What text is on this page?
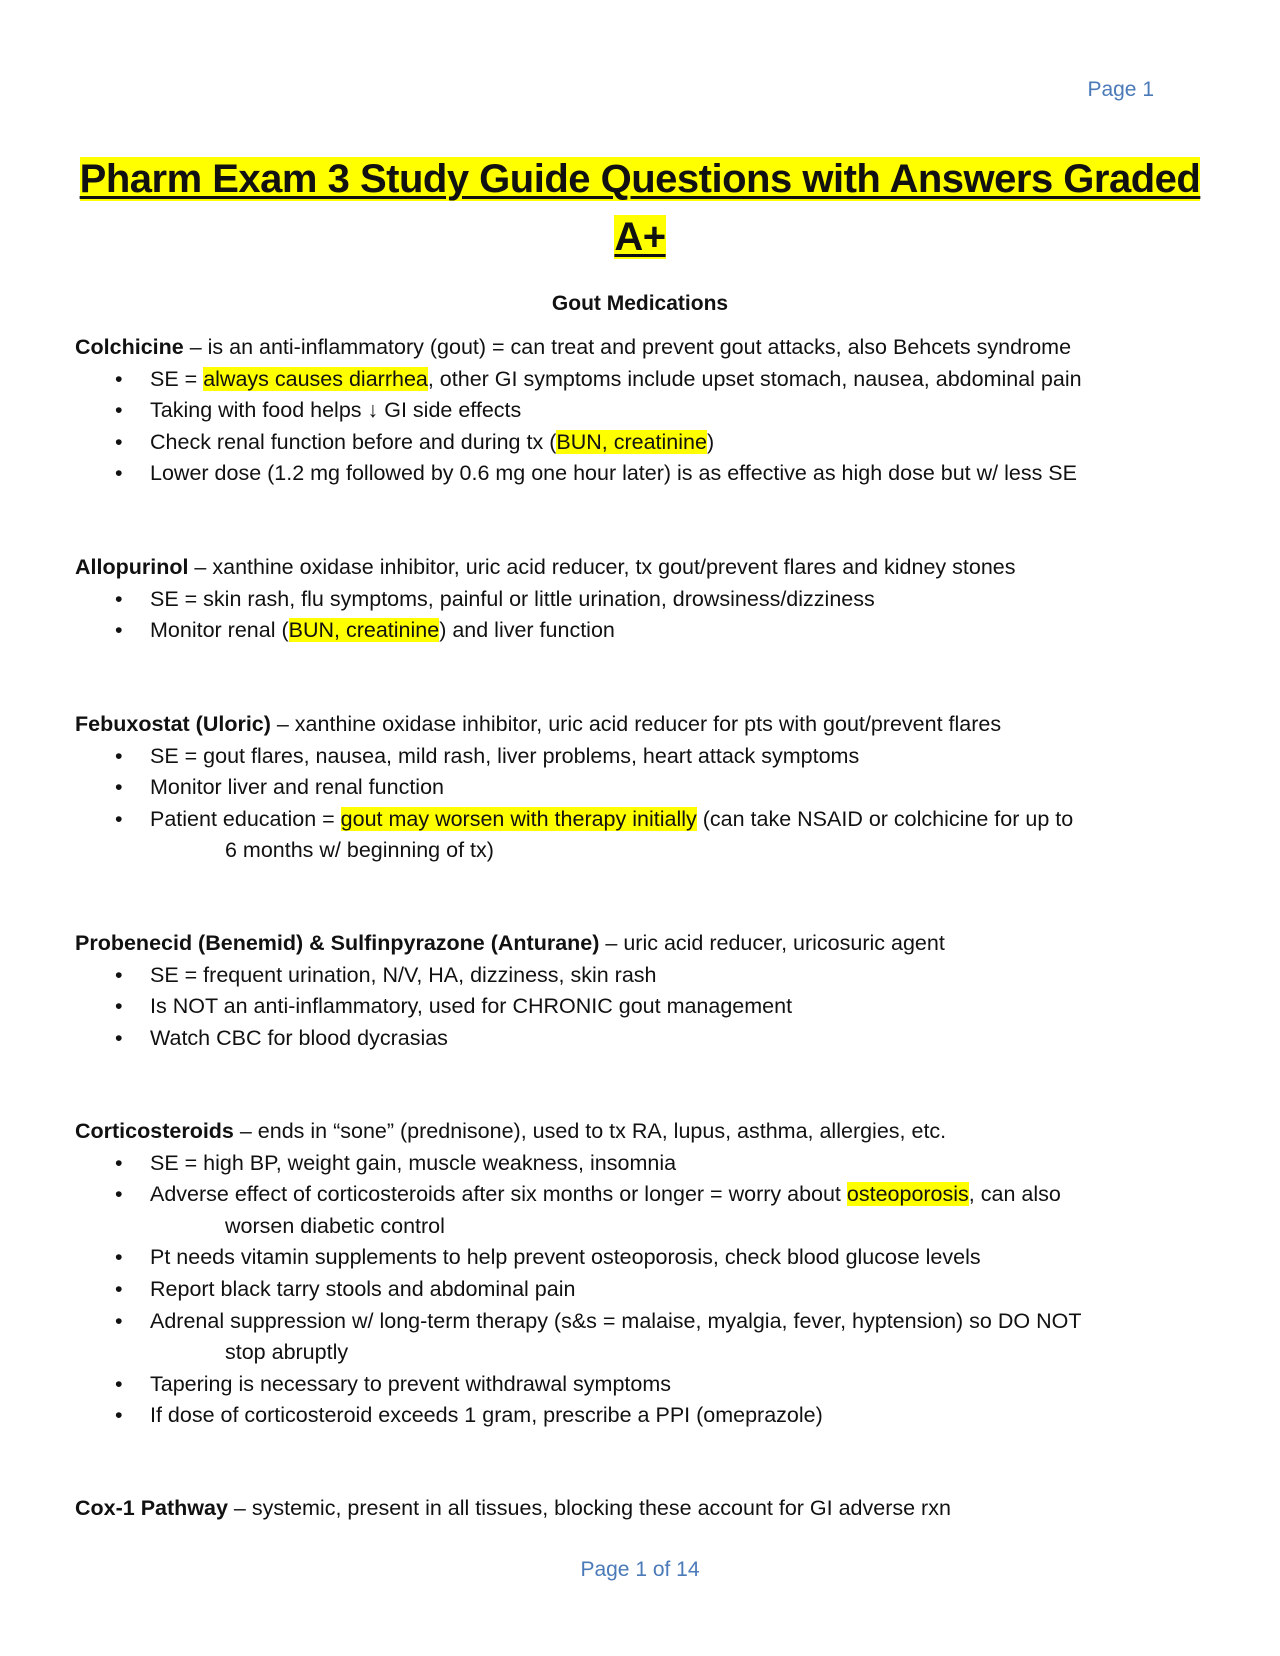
Page 1
Pharm Exam 3 Study Guide Questions with Answers Graded
A+
Gout Medications
Colchicine – is an anti-inflammatory (gout) = can treat and prevent gout attacks, also Behcets syndrome
• SE = always causes diarrhea, other GI symptoms include upset stomach, nausea, abdominal pain
• Taking with food helps ↓ GI side effects
• Check renal function before and during tx (BUN, creatinine)
• Lower dose (1.2 mg followed by 0.6 mg one hour later) is as effective as high dose but w/ less SE
Allopurinol – xanthine oxidase inhibitor, uric acid reducer, tx gout/prevent flares and kidney stones
• SE = skin rash, flu symptoms, painful or little urination, drowsiness/dizziness
• Monitor renal (BUN, creatinine) and liver function
Febuxostat (Uloric) – xanthine oxidase inhibitor, uric acid reducer for pts with gout/prevent flares
• SE = gout flares, nausea, mild rash, liver problems, heart attack symptoms
• Monitor liver and renal function
• Patient education = gout may worsen with therapy initially (can take NSAID or colchicine for up to
6 months w/ beginning of tx)
Probenecid (Benemid) & Sulfinpyrazone (Anturane) – uric acid reducer, uricosuric agent
• SE = frequent urination, N/V, HA, dizziness, skin rash
• Is NOT an anti-inflammatory, used for CHRONIC gout management
• Watch CBC for blood dycrasias
Corticosteroids – ends in “sone” (prednisone), used to tx RA, lupus, asthma, allergies, etc.
• SE = high BP, weight gain, muscle weakness, insomnia
• Adverse effect of corticosteroids after six months or longer = worry about osteoporosis, can also
worsen diabetic control
• Pt needs vitamin supplements to help prevent osteoporosis, check blood glucose levels
• Report black tarry stools and abdominal pain
• Adrenal suppression w/ long-term therapy (s&s = malaise, myalgia, fever, hyptension) so DO NOT
stop abruptly
• Tapering is necessary to prevent withdrawal symptoms
• If dose of corticosteroid exceeds 1 gram, prescribe a PPI (omeprazole)
Cox-1 Pathway – systemic, present in all tissues, blocking these account for GI adverse rxn
Page 1 of 14
